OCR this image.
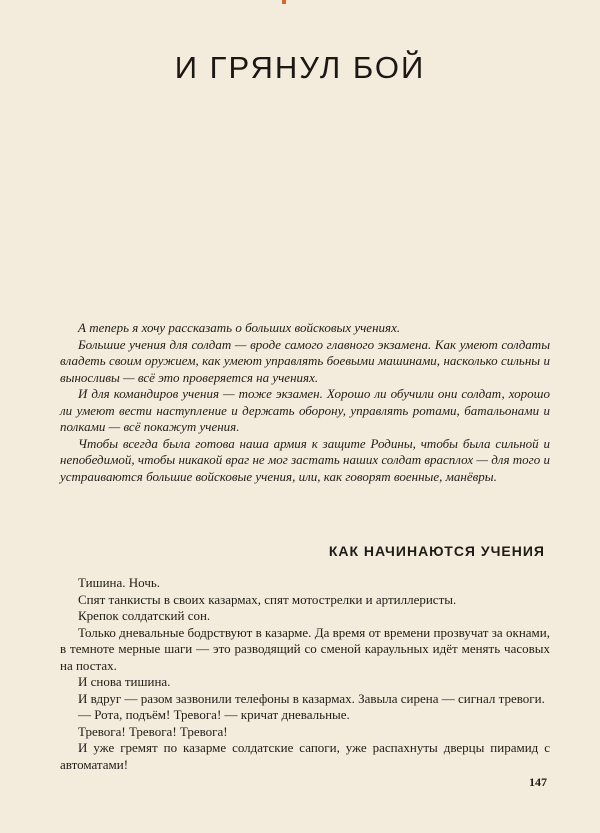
И ГРЯНУЛ БОЙ

А теперь я хочу рассказать о больших войсковых учениях.

Большие учения для солдат — вроде самого главного экзамена. Как умеют солдаты владеть своим оружием, как умеют управлять боевыми машинами, насколько сильны и выносливы — всё это проверяется на учениях.

И для командиров учения — тоже экзамен. Хорошо ли обучили они солдат, хорошо ли умеют вести наступление и держать оборону, управлять ротами, батальонами и полками — всё покажут учения.

Чтобы всегда была готова наша армия к защите Родины, чтобы была сильной и непобедимой, чтобы никакой враг не мог застать наших солдат врасплох — для того и устраиваются большие войсковые учения, или, как говорят военные, манёвры.

КАК НАЧИНАЮТСЯ УЧЕНИЯ

Тишина. Ночь.

Спят танкисты в своих казармах, спят мотострелки и артиллеристы.

Крепок солдатский сон.

Только дневальные бодрствуют в казарме. Да время от времени прозвучат за окнами, в темноте мерные шаги — это разводящий со сменой караульных идёт менять часовых на постах.

И снова тишина.

И вдруг — разом зазвонили телефоны в казармах. Завыла сирена — сигнал тревоги.

— Рота, подъём! Тревога! — кричат дневальные.

Тревога! Тревога! Тревога!

И уже гремят по казарме солдатские сапоги, уже распахнуты дверцы пирамид с автоматами!

147
